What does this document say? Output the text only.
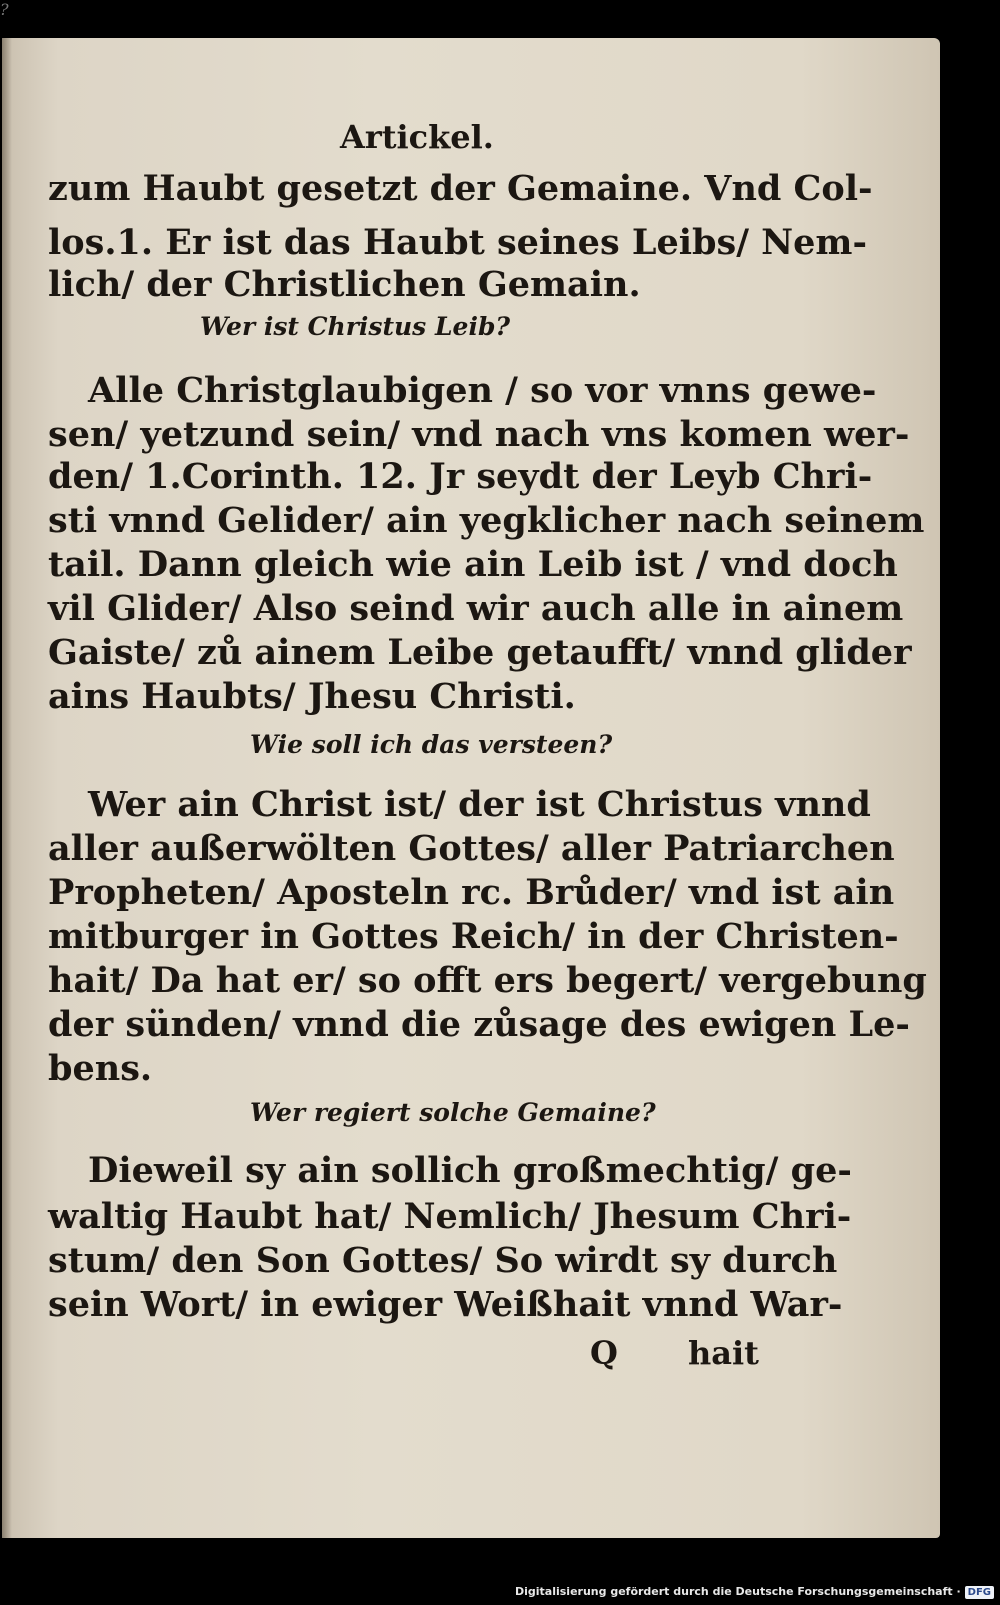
?
Artickel.
zum Haubt gesetzt der Gemaine. Vnd Col-
los.1. Er ist das Haubt seines Leibs/ Nem-
lich/ der Christlichen Gemain.
Wer ist Christus Leib?
Alle Christglaubigen / so vor vnns gewe-
sen/ yetzund sein/ vnd nach vns komen wer-
den/ 1.Corinth. 12. Jr seydt der Leyb Chri-
sti vnnd Gelider/ ain yegklicher nach seinem
tail. Dann gleich wie ain Leib ist / vnd doch
vil Glider/ Also seind wir auch alle in ainem
Gaiste/ zů ainem Leibe getaufft/ vnnd glider
ains Haubts/ Jhesu Christi.
Wie soll ich das versteen?
Wer ain Christ ist/ der ist Christus vnnd
aller außerwölten Gottes/ aller Patriarchen
Propheten/ Aposteln rc. Brůder/ vnd ist ain
mitburger in Gottes Reich/ in der Christen-
hait/ Da hat er/ so offt ers begert/ vergebung
der sünden/ vnnd die zůsage des ewigen Le-
bens.
Wer regiert solche Gemaine?
Dieweil sy ain sollich großmechtig/ ge-
waltig Haubt hat/ Nemlich/ Jhesum Chri-
stum/ den Son Gottes/ So wirdt sy durch
sein Wort/ in ewiger Weißhait vnnd War-
Q hait
Digitalisierung gefördert durch die Deutsche Forschungsgemeinschaft · DFG
